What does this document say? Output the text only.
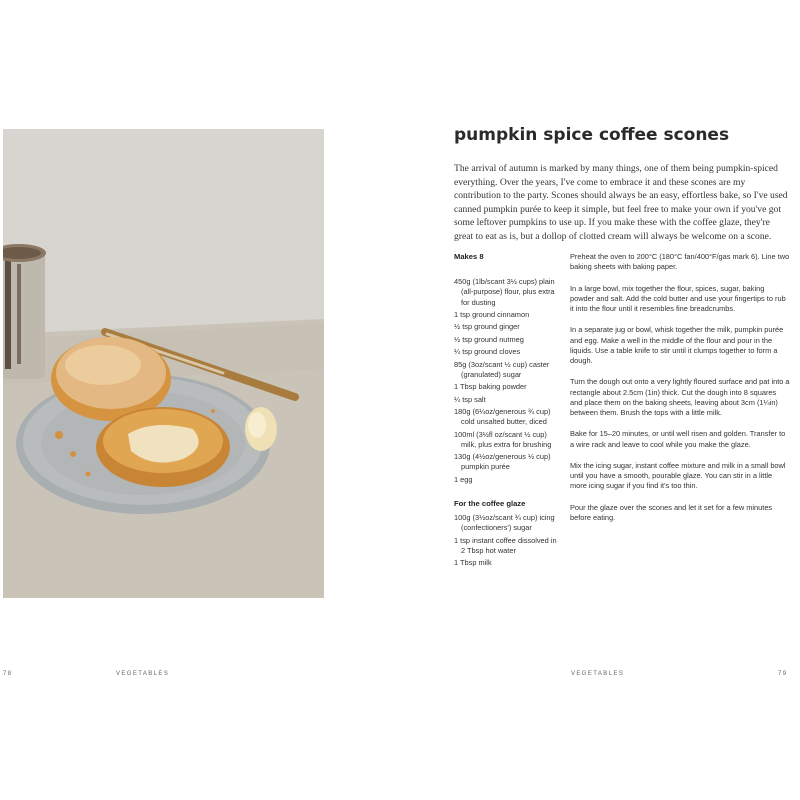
pumpkin spice coffee scones

The arrival of autumn is marked by many things, one of them being pumpkin-spiced everything. Over the years, I've come to embrace it and these scones are my contribution to the party. Scones should always be an easy, effortless bake, so I've used canned pumpkin purée to keep it simple, but feel free to make your own if you've got some leftover pumpkins to use up. If you make these with the coffee glaze, they're great to eat as is, but a dollop of clotted cream will always be welcome on a scone.

Makes 8
450g (1lb/scant 3½ cups) plain (all-purpose) flour, plus extra for dusting
1 tsp ground cinnamon
½ tsp ground ginger
½ tsp ground nutmeg
¼ tsp ground cloves
85g (3oz/scant ½ cup) caster (granulated) sugar
1 Tbsp baking powder
¼ tsp salt
180g (6¼oz/generous ¾ cup) cold unsalted butter, diced
100ml (3½fl oz/scant ½ cup) milk, plus extra for brushing
130g (4½oz/generous ½ cup) pumpkin purée
1 egg
For the coffee glaze
100g (3½oz/scant ¾ cup) icing (confectioners') sugar
1 tsp instant coffee dissolved in 2 Tbsp hot water
1 Tbsp milk

Preheat the oven to 200°C (180°C fan/400°F/gas mark 6). Line two baking sheets with baking paper.

In a large bowl, mix together the flour, spices, sugar, baking powder and salt. Add the cold butter and use your fingertips to rub it into the flour until it resembles fine breadcrumbs.

In a separate jug or bowl, whisk together the milk, pumpkin purée and egg. Make a well in the middle of the flour and pour in the liquids. Use a table knife to stir until it clumps together to form a dough.

Turn the dough out onto a very lightly floured surface and pat into a rectangle about 2.5cm (1in) thick. Cut the dough into 8 squares and place them on the baking sheets, leaving about 3cm (1¼in) between them. Brush the tops with a little milk.

Bake for 15–20 minutes, or until well risen and golden. Transfer to a wire rack and leave to cool while you make the glaze.

Mix the icing sugar, instant coffee mixture and milk in a small bowl until you have a smooth, pourable glaze. You can stir in a little more icing sugar if you find it's too thin.

Pour the glaze over the scones and let it set for a few minutes before eating.

78	VEGETABLES	VEGETABLES	79
